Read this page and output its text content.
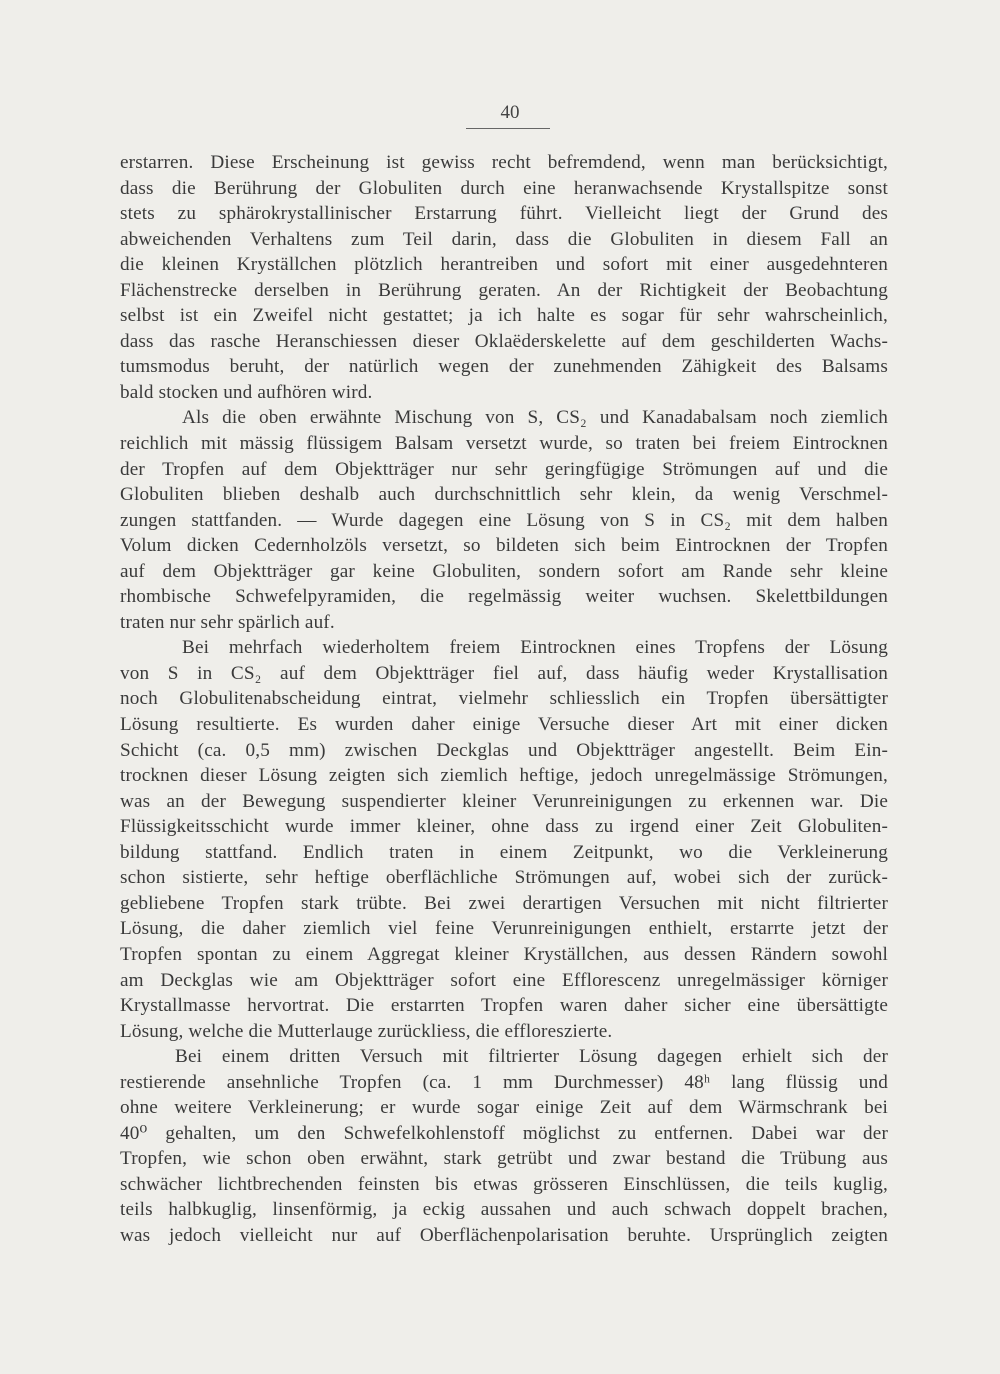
40
erstarren. Diese Erscheinung ist gewiss recht befremdend, wenn man berücksichtigt,
dass die Berührung der Globuliten durch eine heranwachsende Krystallspitze sonst
stets zu sphärokrystallinischer Erstarrung führt. Vielleicht liegt der Grund des
abweichenden Verhaltens zum Teil darin, dass die Globuliten in diesem Fall an
die kleinen Kryställchen plötzlich herantreiben und sofort mit einer ausgedehnteren
Flächenstrecke derselben in Berührung geraten. An der Richtigkeit der Beobachtung
selbst ist ein Zweifel nicht gestattet; ja ich halte es sogar für sehr wahrscheinlich,
dass das rasche Heranschiessen dieser Oklaëderskelette auf dem geschilderten Wachs-
tumsmodus beruht, der natürlich wegen der zunehmenden Zähigkeit des Balsams
bald stocken und aufhören wird.
Als die oben erwähnte Mischung von S, CS₂ und Kanadabalsam noch ziemlich
reichlich mit mässig flüssigem Balsam versetzt wurde, so traten bei freiem Eintrocknen
der Tropfen auf dem Objektträger nur sehr geringfügige Strömungen auf und die
Globuliten blieben deshalb auch durchschnittlich sehr klein, da wenig Verschmel-
zungen stattfanden. — Wurde dagegen eine Lösung von S in CS₂ mit dem halben
Volum dicken Cedernholzöls versetzt, so bildeten sich beim Eintrocknen der Tropfen
auf dem Objektträger gar keine Globuliten, sondern sofort am Rande sehr kleine
rhombische Schwefelpyramiden, die regelmässig weiter wuchsen. Skelettbildungen
traten nur sehr spärlich auf.
Bei mehrfach wiederholtem freiem Eintrocknen eines Tropfens der Lösung
von S in CS₂ auf dem Objektträger fiel auf, dass häufig weder Krystallisation
noch Globulitenabscheidung eintrat, vielmehr schliesslich ein Tropfen übersättigter
Lösung resultierte. Es wurden daher einige Versuche dieser Art mit einer dicken
Schicht (ca. 0,5 mm) zwischen Deckglas und Objektträger angestellt. Beim Ein-
trocknen dieser Lösung zeigten sich ziemlich heftige, jedoch unregelmässige Strömungen,
was an der Bewegung suspendierter kleiner Verunreinigungen zu erkennen war. Die
Flüssigkeitsschicht wurde immer kleiner, ohne dass zu irgend einer Zeit Globuliten-
bildung stattfand. Endlich traten in einem Zeitpunkt, wo die Verkleinerung
schon sistierte, sehr heftige oberflächliche Strömungen auf, wobei sich der zurück-
gebliebene Tropfen stark trübte. Bei zwei derartigen Versuchen mit nicht filtrierter
Lösung, die daher ziemlich viel feine Verunreinigungen enthielt, erstarrte jetzt der
Tropfen spontan zu einem Aggregat kleiner Kryställchen, aus dessen Rändern sowohl
am Deckglas wie am Objektträger sofort eine Efflorescenz unregelmässiger körniger
Krystallmasse hervortrat. Die erstarrten Tropfen waren daher sicher eine übersättigte
Lösung, welche die Mutterlauge zurückliess, die effloreszierte.
Bei einem dritten Versuch mit filtrierter Lösung dagegen erhielt sich der
restierende ansehnliche Tropfen (ca. 1 mm Durchmesser) 48ʰ lang flüssig und
ohne weitere Verkleinerung; er wurde sogar einige Zeit auf dem Wärmschrank bei
40⁰ gehalten, um den Schwefelkohlenstoff möglichst zu entfernen. Dabei war der
Tropfen, wie schon oben erwähnt, stark getrübt und zwar bestand die Trübung aus
schwächer lichtbrechenden feinsten bis etwas grösseren Einschlüssen, die teils kuglig,
teils halbkuglig, linsenförmig, ja eckig aussahen und auch schwach doppelt brachen,
was jedoch vielleicht nur auf Oberflächenpolarisation beruhte. Ursprünglich zeigten
